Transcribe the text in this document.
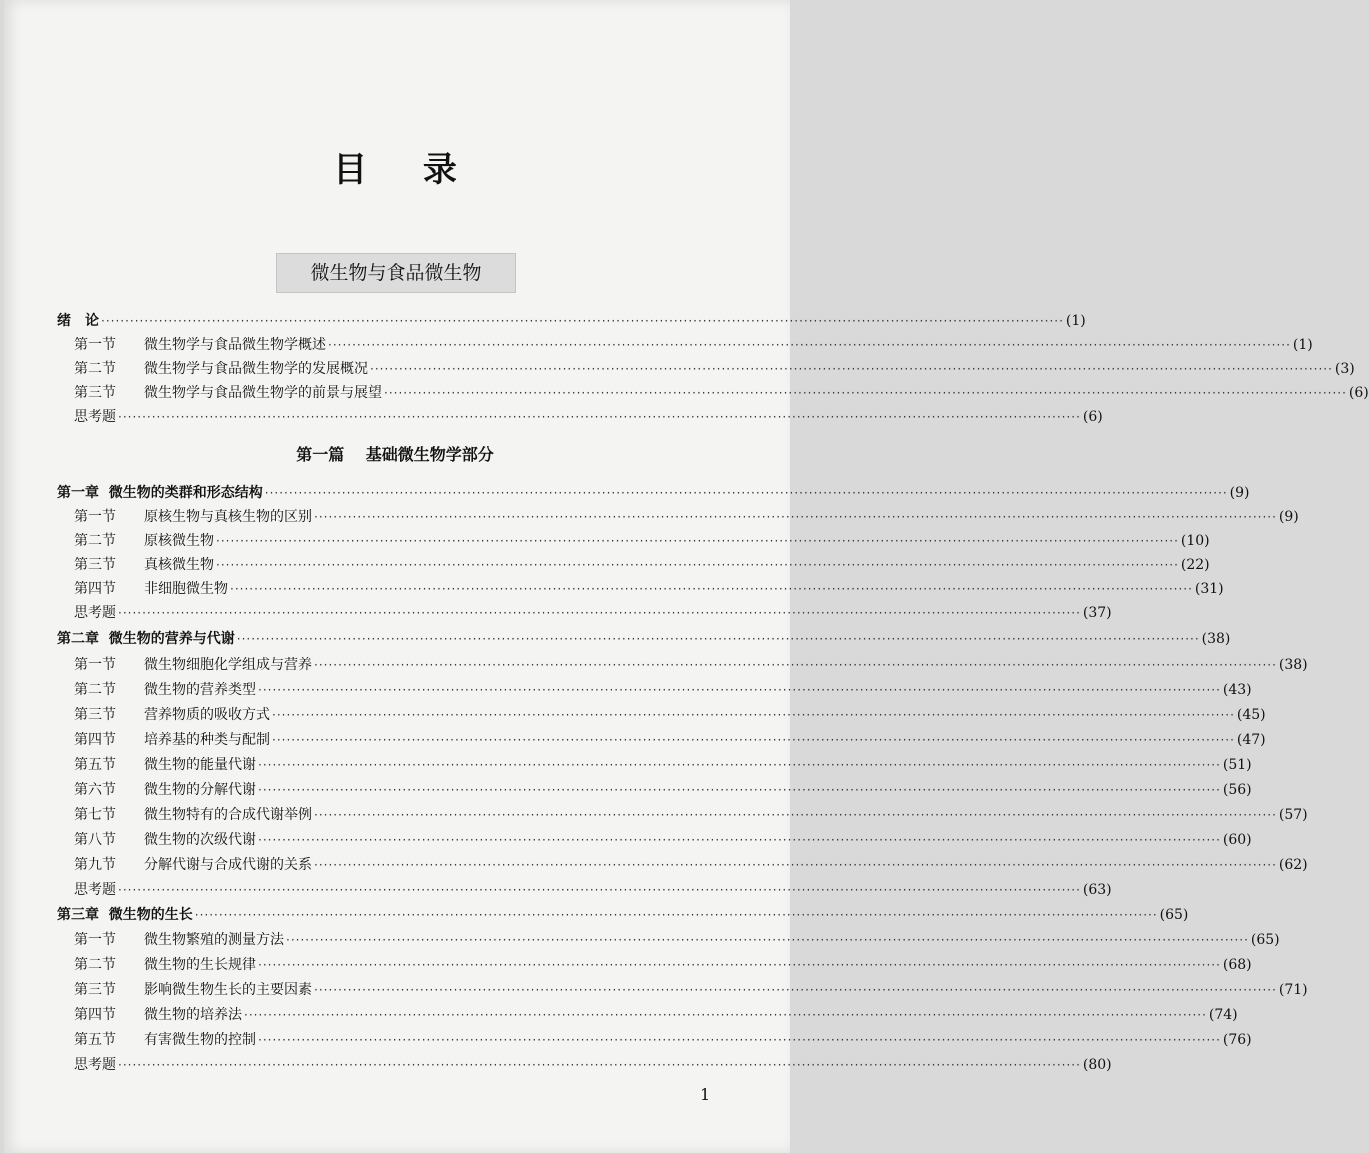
目 录
微生物与食品微生物
绪　论 ········································································································································································································ (1)
第一节 微生物学与食品微生物学概述 ········································································································································································································ (1)
第二节 微生物学与食品微生物学的发展概况 ········································································································································································································ (3)
第三节 微生物学与食品微生物学的前景与展望 ········································································································································································································ (6)
思考题 ········································································································································································································ (6)
第一篇 基础微生物学部分
第一章 微生物的类群和形态结构 ········································································································································································································ (9)
第一节 原核生物与真核生物的区别 ········································································································································································································ (9)
第二节 原核微生物 ········································································································································································································ (10)
第三节 真核微生物 ········································································································································································································ (22)
第四节 非细胞微生物 ········································································································································································································ (31)
思考题 ········································································································································································································ (37)
第二章 微生物的营养与代谢 ········································································································································································································ (38)
第一节 微生物细胞化学组成与营养 ········································································································································································································ (38)
第二节 微生物的营养类型 ········································································································································································································ (43)
第三节 营养物质的吸收方式 ········································································································································································································ (45)
第四节 培养基的种类与配制 ········································································································································································································ (47)
第五节 微生物的能量代谢 ········································································································································································································ (51)
第六节 微生物的分解代谢 ········································································································································································································ (56)
第七节 微生物特有的合成代谢举例 ········································································································································································································ (57)
第八节 微生物的次级代谢 ········································································································································································································ (60)
第九节 分解代谢与合成代谢的关系 ········································································································································································································ (62)
思考题 ········································································································································································································ (63)
第三章 微生物的生长 ········································································································································································································ (65)
第一节 微生物繁殖的测量方法 ········································································································································································································ (65)
第二节 微生物的生长规律 ········································································································································································································ (68)
第三节 影响微生物生长的主要因素 ········································································································································································································ (71)
第四节 微生物的培养法 ········································································································································································································ (74)
第五节 有害微生物的控制 ········································································································································································································ (76)
思考题 ········································································································································································································ (80)
1
